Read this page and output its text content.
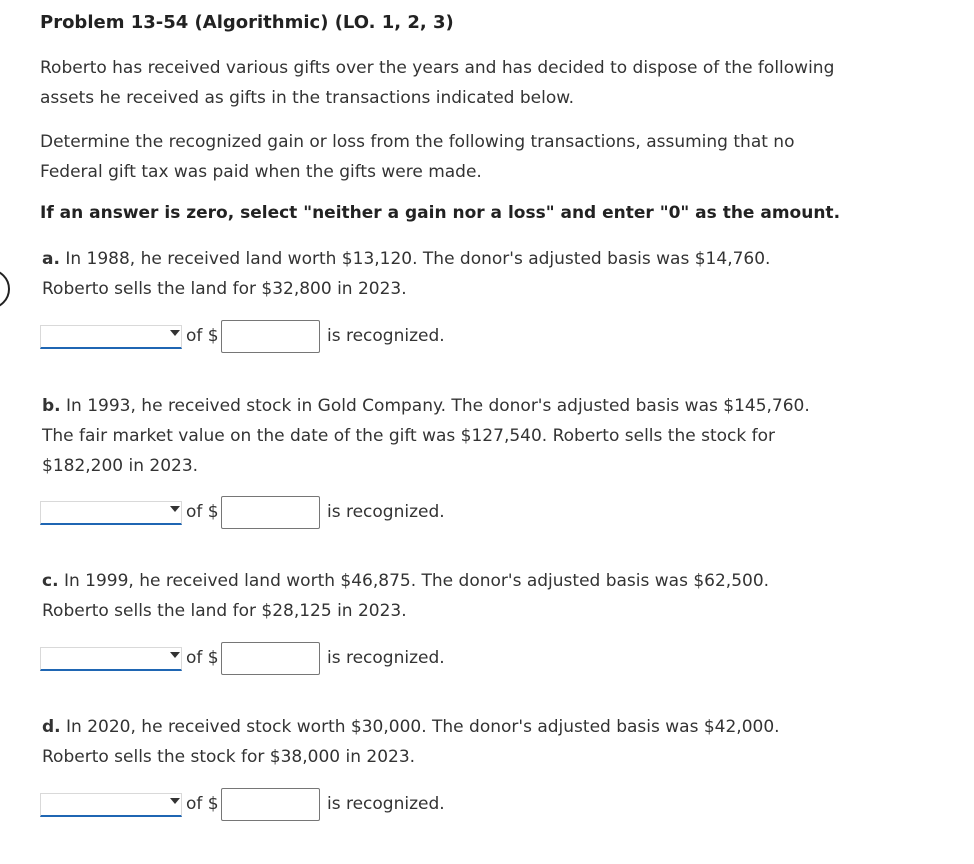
Problem 13-54 (Algorithmic) (LO. 1, 2, 3)
Roberto has received various gifts over the years and has decided to dispose of the following
assets he received as gifts in the transactions indicated below.
Determine the recognized gain or loss from the following transactions, assuming that no
Federal gift tax was paid when the gifts were made.
If an answer is zero, select "neither a gain nor a loss" and enter "0" as the amount.
a. In 1988, he received land worth $13,120. The donor's adjusted basis was $14,760.
Roberto sells the land for $32,800 in 2023.
of $	is recognized.
b. In 1993, he received stock in Gold Company. The donor's adjusted basis was $145,760.
The fair market value on the date of the gift was $127,540. Roberto sells the stock for
$182,200 in 2023.
of $	is recognized.
c. In 1999, he received land worth $46,875. The donor's adjusted basis was $62,500.
Roberto sells the land for $28,125 in 2023.
of $	is recognized.
d. In 2020, he received stock worth $30,000. The donor's adjusted basis was $42,000.
Roberto sells the stock for $38,000 in 2023.
of $	is recognized.
